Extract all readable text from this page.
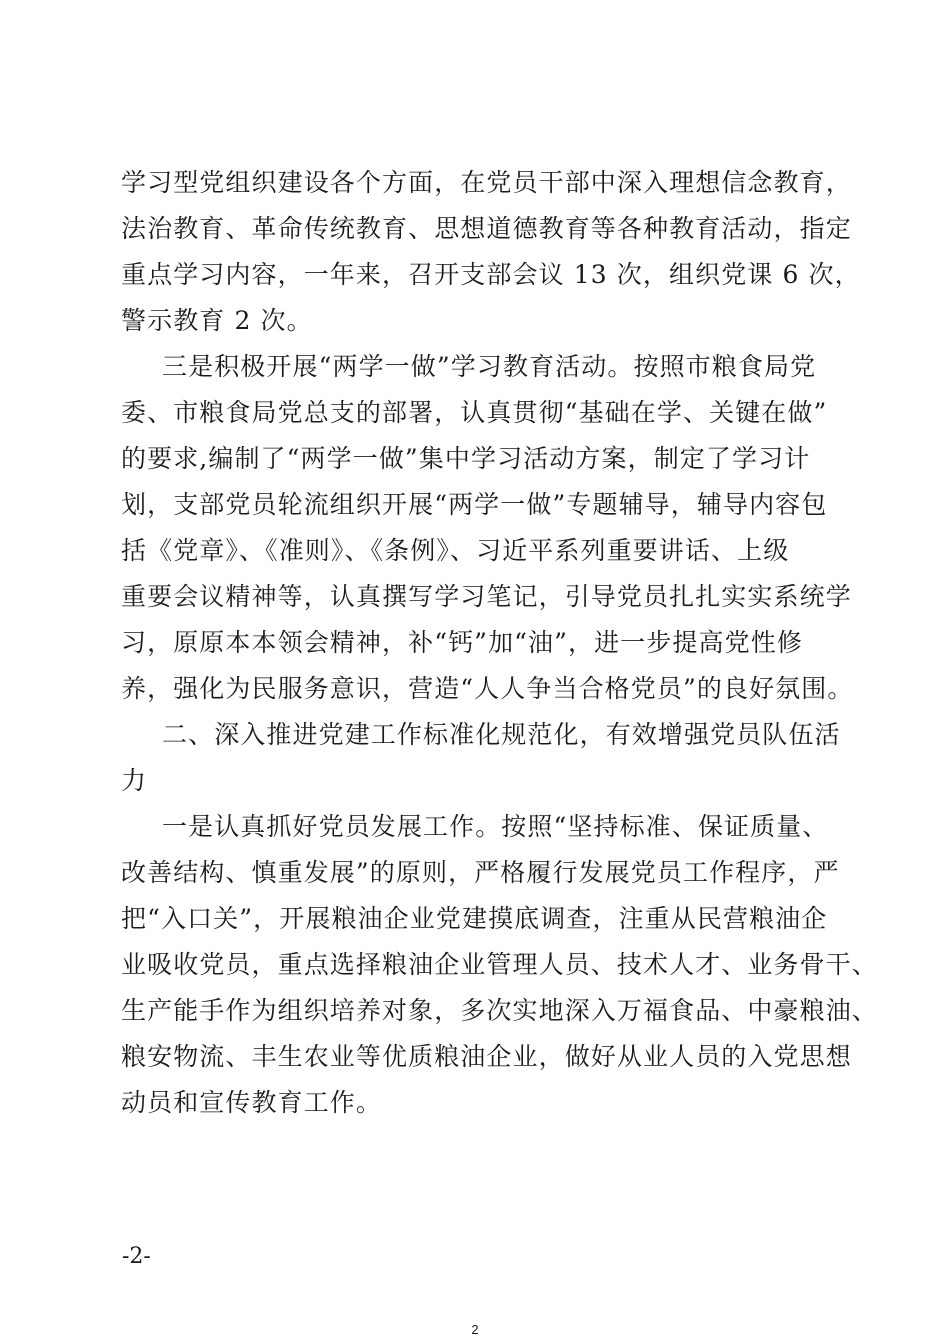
学习型党组织建设各个方面，在党员干部中深入理想信念教育，
法治教育、革命传统教育、思想道德教育等各种教育活动，指定
重点学习内容，一年来，召开支部会议 13 次，组织党课 6 次，
警示教育 2 次。
三是积极开展“两学一做”学习教育活动。按照市粮食局党
委、市粮食局党总支的部署，认真贯彻“基础在学、关键在做”
的要求,编制了“两学一做”集中学习活动方案，制定了学习计
划，支部党员轮流组织开展“两学一做”专题辅导，辅导内容包
括《党章》、《准则》、《条例》、习近平系列重要讲话、上级
重要会议精神等，认真撰写学习笔记，引导党员扎扎实实系统学
习，原原本本领会精神，补“钙”加“油”，进一步提高党性修
养，强化为民服务意识，营造“人人争当合格党员”的良好氛围。
二、深入推进党建工作标准化规范化，有效增强党员队伍活
力
一是认真抓好党员发展工作。按照“坚持标准、保证质量、
改善结构、慎重发展”的原则，严格履行发展党员工作程序，严
把“入口关”，开展粮油企业党建摸底调查，注重从民营粮油企
业吸收党员，重点选择粮油企业管理人员、技术人才、业务骨干、
生产能手作为组织培养对象，多次实地深入万福食品、中豪粮油、
粮安物流、丰生农业等优质粮油企业，做好从业人员的入党思想
动员和宣传教育工作。
-2-
2
